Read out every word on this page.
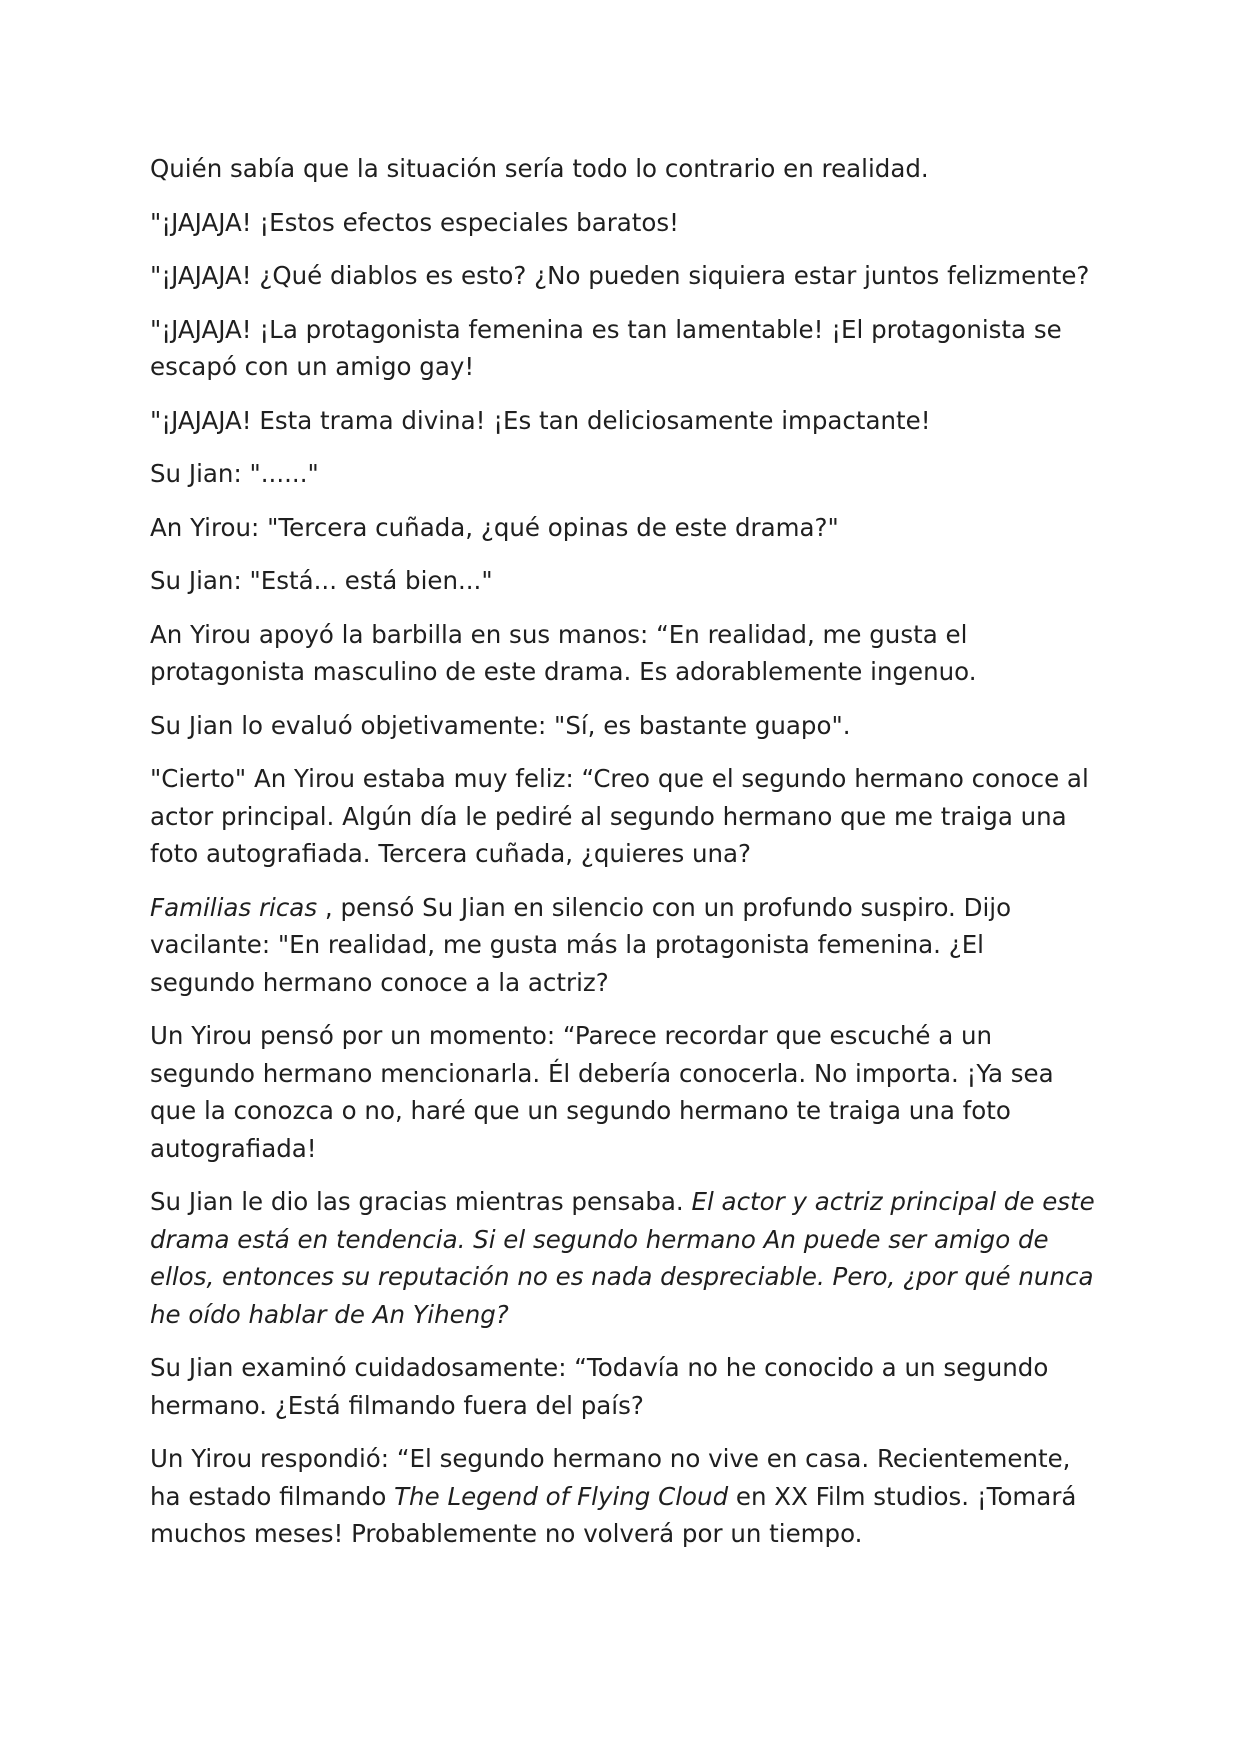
Quién sabía que la situación sería todo lo contrario en realidad.

"¡JAJAJA! ¡Estos efectos especiales baratos!

"¡JAJAJA! ¿Qué diablos es esto? ¿No pueden siquiera estar juntos felizmente?

"¡JAJAJA! ¡La protagonista femenina es tan lamentable! ¡El protagonista se escapó con un amigo gay!

"¡JAJAJA! Esta trama divina! ¡Es tan deliciosamente impactante!

Su Jian: "......"

An Yirou: "Tercera cuñada, ¿qué opinas de este drama?"

Su Jian: "Está... está bien..."

An Yirou apoyó la barbilla en sus manos: “En realidad, me gusta el protagonista masculino de este drama. Es adorablemente ingenuo.

Su Jian lo evaluó objetivamente: "Sí, es bastante guapo".

"Cierto" An Yirou estaba muy feliz: “Creo que el segundo hermano conoce al actor principal. Algún día le pediré al segundo hermano que me traiga una foto autografiada. Tercera cuñada, ¿quieres una?

Familias ricas , pensó Su Jian en silencio con un profundo suspiro. Dijo vacilante: "En realidad, me gusta más la protagonista femenina. ¿El segundo hermano conoce a la actriz?

Un Yirou pensó por un momento: “Parece recordar que escuché a un segundo hermano mencionarla. Él debería conocerla. No importa. ¡Ya sea que la conozca o no, haré que un segundo hermano te traiga una foto autografiada!

Su Jian le dio las gracias mientras pensaba. El actor y actriz principal de este drama está en tendencia. Si el segundo hermano An puede ser amigo de ellos, entonces su reputación no es nada despreciable. Pero, ¿por qué nunca he oído hablar de An Yiheng?

Su Jian examinó cuidadosamente: “Todavía no he conocido a un segundo hermano. ¿Está filmando fuera del país?

Un Yirou respondió: “El segundo hermano no vive en casa. Recientemente, ha estado filmando The Legend of Flying Cloud en XX Film studios. ¡Tomará muchos meses! Probablemente no volverá por un tiempo.
